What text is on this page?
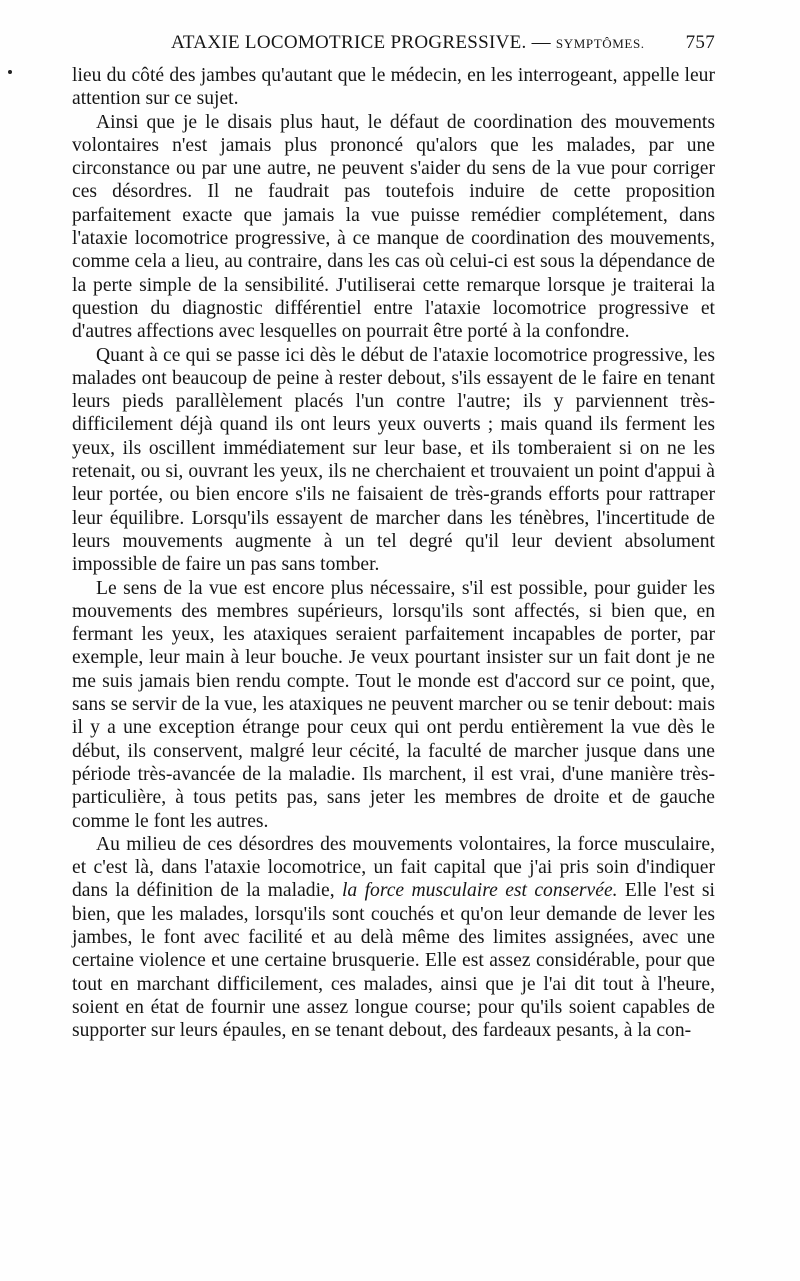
ATAXIE LOCOMOTRICE PROGRESSIVE. — SYMPTÔMES. 757

lieu du côté des jambes qu'autant que le médecin, en les interrogeant, appelle leur attention sur ce sujet.

Ainsi que je le disais plus haut, le défaut de coordination des mouvements volontaires n'est jamais plus prononcé qu'alors que les malades, par une circonstance ou par une autre, ne peuvent s'aider du sens de la vue pour corriger ces désordres. Il ne faudrait pas toutefois induire de cette proposition parfaitement exacte que jamais la vue puisse remédier complétement, dans l'ataxie locomotrice progressive, à ce manque de coordination des mouvements, comme cela a lieu, au contraire, dans les cas où celui-ci est sous la dépendance de la perte simple de la sensibilité. J'utiliserai cette remarque lorsque je traiterai la question du diagnostic différentiel entre l'ataxie locomotrice progressive et d'autres affections avec lesquelles on pourrait être porté à la confondre.

Quant à ce qui se passe ici dès le début de l'ataxie locomotrice progressive, les malades ont beaucoup de peine à rester debout, s'ils essayent de le faire en tenant leurs pieds parallèlement placés l'un contre l'autre; ils y parviennent très-difficilement déjà quand ils ont leurs yeux ouverts ; mais quand ils ferment les yeux, ils oscillent immédiatement sur leur base, et ils tomberaient si on ne les retenait, ou si, ouvrant les yeux, ils ne cherchaient et trouvaient un point d'appui à leur portée, ou bien encore s'ils ne faisaient de très-grands efforts pour rattraper leur équilibre. Lorsqu'ils essayent de marcher dans les ténèbres, l'incertitude de leurs mouvements augmente à un tel degré qu'il leur devient absolument impossible de faire un pas sans tomber.

Le sens de la vue est encore plus nécessaire, s'il est possible, pour guider les mouvements des membres supérieurs, lorsqu'ils sont affectés, si bien que, en fermant les yeux, les ataxiques seraient parfaitement incapables de porter, par exemple, leur main à leur bouche. Je veux pourtant insister sur un fait dont je ne me suis jamais bien rendu compte. Tout le monde est d'accord sur ce point, que, sans se servir de la vue, les ataxiques ne peuvent marcher ou se tenir debout: mais il y a une exception étrange pour ceux qui ont perdu entièrement la vue dès le début, ils conservent, malgré leur cécité, la faculté de marcher jusque dans une période très-avancée de la maladie. Ils marchent, il est vrai, d'une manière très-particulière, à tous petits pas, sans jeter les membres de droite et de gauche comme le font les autres.

Au milieu de ces désordres des mouvements volontaires, la force musculaire, et c'est là, dans l'ataxie locomotrice, un fait capital que j'ai pris soin d'indiquer dans la définition de la maladie, la force musculaire est conservée. Elle l'est si bien, que les malades, lorsqu'ils sont couchés et qu'on leur demande de lever les jambes, le font avec facilité et au delà même des limites assignées, avec une certaine violence et une certaine brusquerie. Elle est assez considérable, pour que tout en marchant difficilement, ces malades, ainsi que je l'ai dit tout à l'heure, soient en état de fournir une assez longue course; pour qu'ils soient capables de supporter sur leurs épaules, en se tenant debout, des fardeaux pesants, à la con-
